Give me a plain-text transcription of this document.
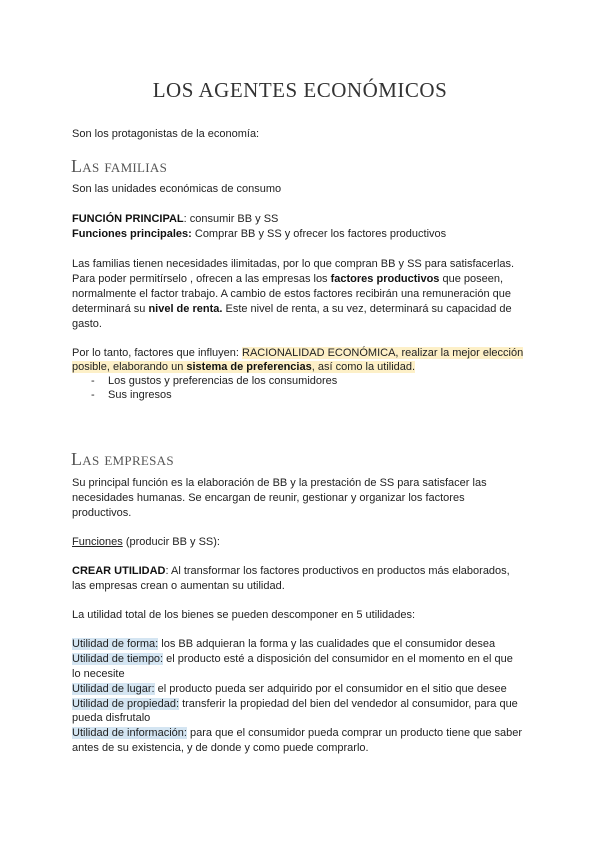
LOS AGENTES ECONÓMICOS
Son los protagonistas de la economía:
Las familias
Son las unidades económicas de consumo
FUNCIÓN PRINCIPAL: consumir BB y SS
Funciones principales: Comprar BB y SS y ofrecer los factores productivos
Las familias tienen necesidades ilimitadas, por lo que compran BB y SS para satisfacerlas.
Para poder permitírselo , ofrecen a las empresas los factores productivos que poseen,
normalmente el factor trabajo. A cambio de estos factores recibirán una remuneración que
determinará su nivel de renta. Este nivel de renta, a su vez, determinará su capacidad de
gasto.
Por lo tanto, factores que influyen: RACIONALIDAD ECONÓMICA, realizar la mejor elección
posible, elaborando un sistema de preferencias, así como la utilidad.
- Los gustos y preferencias de los consumidores
- Sus ingresos
Las empresas
Su principal función es la elaboración de BB y la prestación de SS para satisfacer las
necesidades humanas. Se encargan de reunir, gestionar y organizar los factores
productivos.
Funciones (producir BB y SS):
CREAR UTILIDAD: Al transformar los factores productivos en productos más elaborados,
las empresas crean o aumentan su utilidad.
La utilidad total de los bienes se pueden descomponer en 5 utilidades:
Utilidad de forma: los BB adquieran la forma y las cualidades que el consumidor desea
Utilidad de tiempo: el producto esté a disposición del consumidor en el momento en el que
lo necesite
Utilidad de lugar: el producto pueda ser adquirido por el consumidor en el sitio que desee
Utilidad de propiedad: transferir la propiedad del bien del vendedor al consumidor, para que
pueda disfrutalo
Utilidad de información: para que el consumidor pueda comprar un producto tiene que saber
antes de su existencia, y de donde y como puede comprarlo.
